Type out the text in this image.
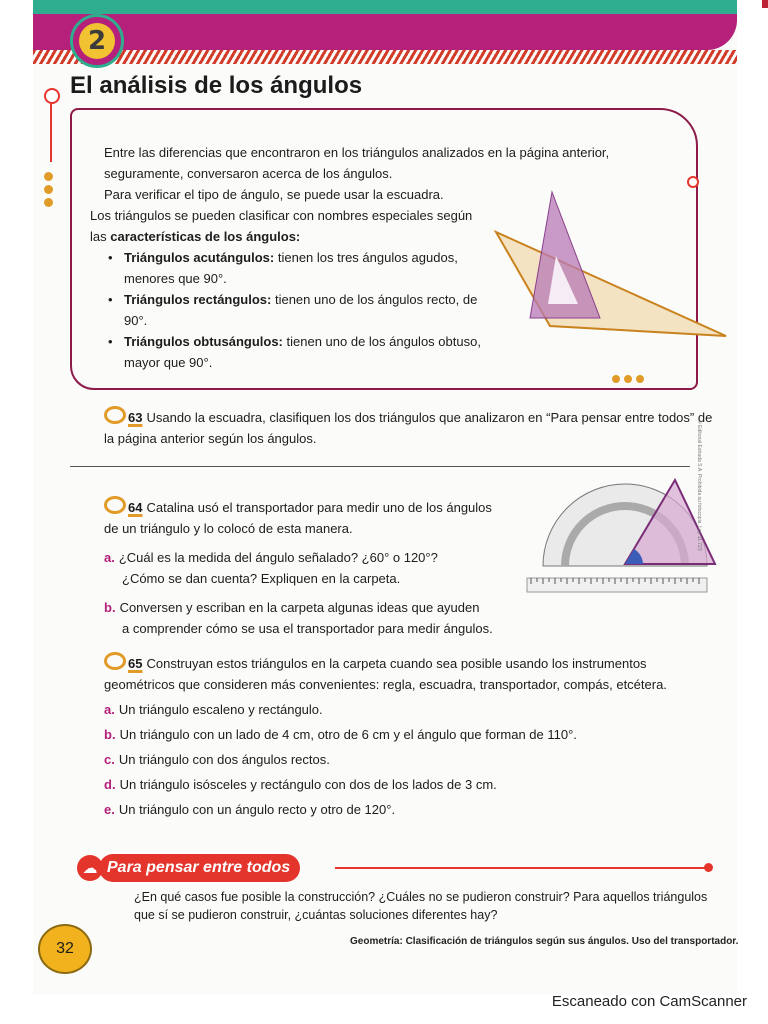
2
El análisis de los ángulos

Entre las diferencias que encontraron en los triángulos analizados en la página anterior, seguramente, conversaron acerca de los ángulos.

Para verificar el tipo de ángulo, se puede usar la escuadra.

Los triángulos se pueden clasificar con nombres especiales según las características de los ángulos:

• Triángulos acutángulos: tienen los tres ángulos agudos, menores que 90°.
• Triángulos rectángulos: tienen uno de los ángulos recto, de 90°.
• Triángulos obtusángulos: tienen uno de los ángulos obtuso, mayor que 90°.

63 Usando la escuadra, clasifiquen los dos triángulos que analizaron en “Para pensar entre todos” de la página anterior según los ángulos.

64 Catalina usó el transportador para medir uno de los ángulos de un triángulo y lo colocó de esta manera.

a. ¿Cuál es la medida del ángulo señalado? ¿60° o 120°?

¿Cómo se dan cuenta? Expliquen en la carpeta.

b. Conversen y escriban en la carpeta algunas ideas que ayuden

a comprender cómo se usa el transportador para medir ángulos.

65 Construyan estos triángulos en la carpeta cuando sea posible usando los instrumentos geométricos que consideren más convenientes: regla, escuadra, transportador, compás, etcétera.

a. Un triángulo escaleno y rectángulo.

b. Un triángulo con un lado de 4 cm, otro de 6 cm y el ángulo que forman de 110°.

c. Un triángulo con dos ángulos rectos.

d. Un triángulo isósceles y rectángulo con dos de los lados de 3 cm.

e. Un triángulo con un ángulo recto y otro de 120°.

☁ Para pensar entre todos

¿En qué casos fue posible la construcción? ¿Cuáles no se pudieron construir? Para aquellos triángulos que sí se pudieron construir, ¿cuántas soluciones diferentes hay?

32	Geometría: Clasificación de triángulos según sus ángulos. Uso del transportador.
© Editorial Estrada S.A. Prohibida su fotocopia. Ley 11.723
Escaneado con CamScanner
